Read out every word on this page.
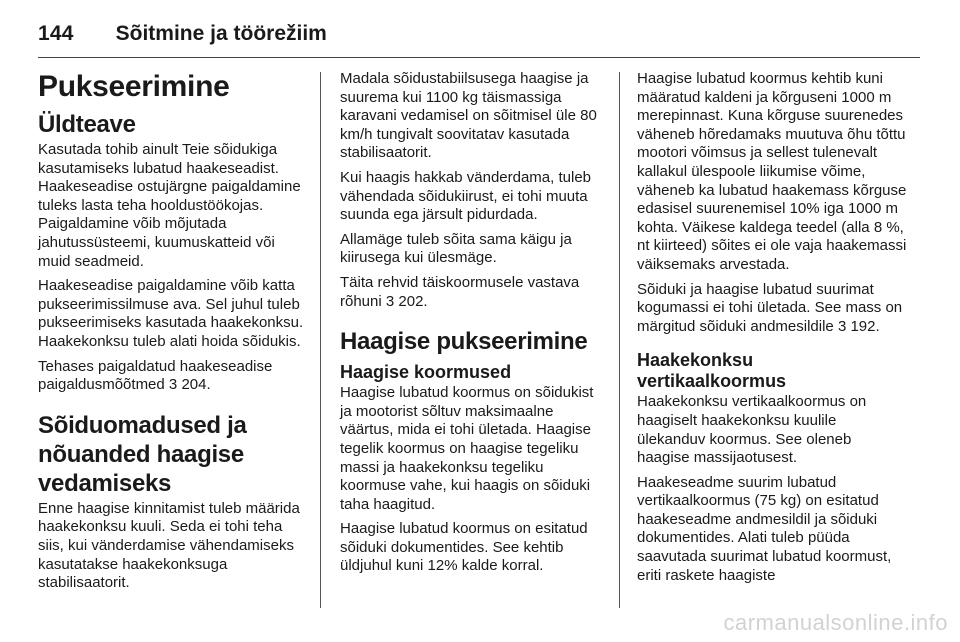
144 Sõitmine ja töörežiim
Pukseerimine
Üldteave

Kasutada tohib ainult Teie sõidukiga kasutamiseks lubatud haakeseadist. Haakeseadise ostujärgne paigaldamine tuleks lasta teha hooldustöökojas. Paigaldamine võib mõjutada jahutussüsteemi, kuumuskatteid või muid seadmeid.

Haakeseadise paigaldamine võib katta pukseerimissilmuse ava. Sel juhul tuleb pukseerimiseks kasutada haakekonksu. Haakekonksu tuleb alati hoida sõidukis.

Tehases paigaldatud haakeseadise paigaldusmõõtmed 3 204.

Sõiduomadused ja nõuanded haagise vedamiseks

Enne haagise kinnitamist tuleb määrida haakekonksu kuuli. Seda ei tohi teha siis, kui vänderdamise vähendamiseks kasutatakse haakekonksuga stabilisaatorit.

Madala sõidustabiilsusega haagise ja suurema kui 1100 kg täismassiga karavani vedamisel on sõitmisel üle 80 km/h tungivalt soovitatav kasutada stabilisaatorit.

Kui haagis hakkab vänderdama, tuleb vähendada sõidukiirust, ei tohi muuta suunda ega järsult pidurdada.

Allamäge tuleb sõita sama käigu ja kiirusega kui ülesmäge.

Täita rehvid täiskoormusele vastava rõhuni 3 202.

Haagise pukseerimine
Haagise koormused

Haagise lubatud koormus on sõidukist ja mootorist sõltuv maksimaalne väärtus, mida ei tohi ületada. Haagise tegelik koormus on haagise tegeliku massi ja haakekonksu tegeliku koormuse vahe, kui haagis on sõiduki taha haagitud.

Haagise lubatud koormus on esitatud sõiduki dokumentides. See kehtib üldjuhul kuni 12% kalde korral.

Haagise lubatud koormus kehtib kuni määratud kaldeni ja kõrguseni 1000 m merepinnast. Kuna kõrguse suurenedes väheneb hõredamaks muutuva õhu tõttu mootori võimsus ja sellest tulenevalt kallakul ülespoole liikumise võime, väheneb ka lubatud haakemass kõrguse edasisel suurenemisel 10% iga 1000 m kohta. Väikese kaldega teedel (alla 8 %, nt kiirteed) sõites ei ole vaja haakemassi väiksemaks arvestada.

Sõiduki ja haagise lubatud suurimat kogumassi ei tohi ületada. See mass on märgitud sõiduki andmesildile 3 192.

Haakekonksu vertikaalkoormus

Haakekonksu vertikaalkoormus on haagiselt haakekonksu kuulile ülekanduv koormus. See oleneb haagise massijaotusest.

Haakeseadme suurim lubatud vertikaalkoormus (75 kg) on esitatud haakeseadme andmesildil ja sõiduki dokumentides. Alati tuleb püüda saavutada suurimat lubatud koormust, eriti raskete haagiste

carmanualsonline.info
